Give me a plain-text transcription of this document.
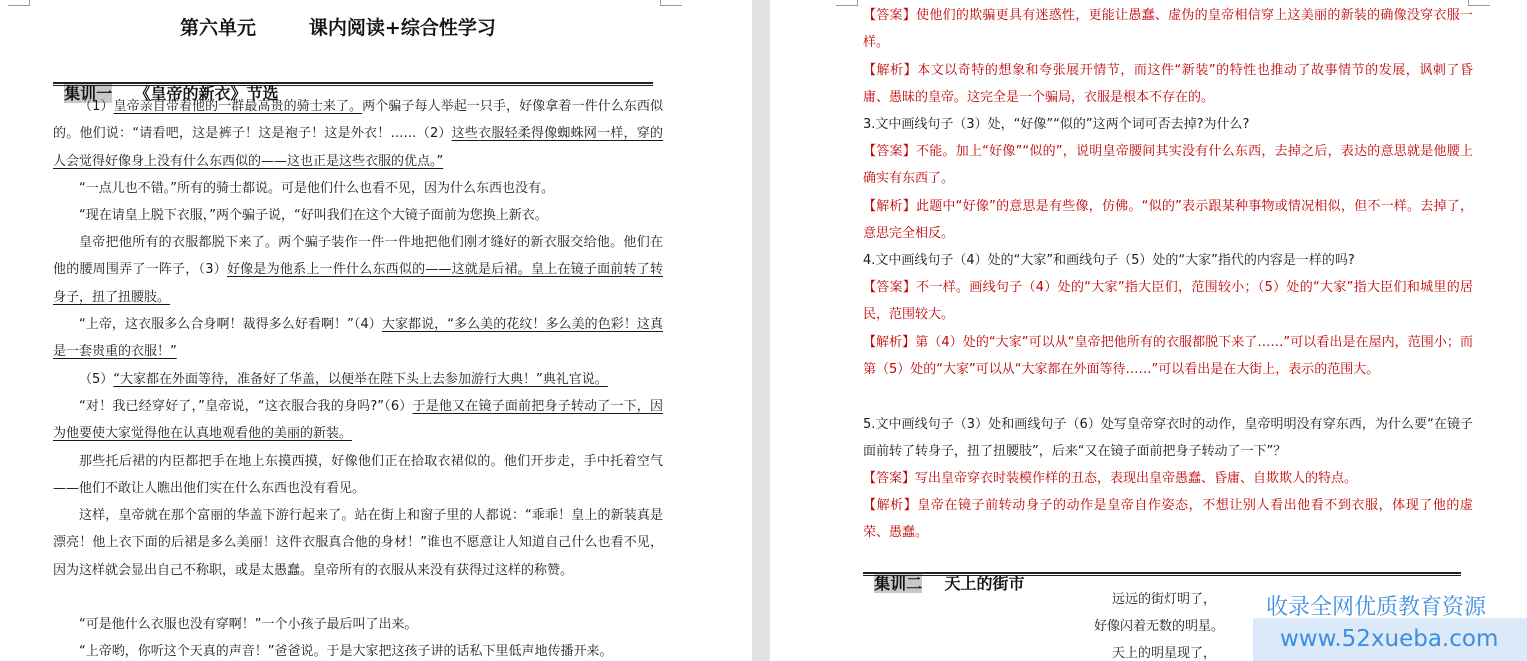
第六单元        课内阅读+综合性学习

集训一    《皇帝的新衣》节选

（1）皇帝亲自带着他的一群最高贵的骑士来了。两个骗子每人举起一只手，好像拿着一件什么东西似的。他们说：“请看吧，这是裤子！这是袍子！这是外衣！……（2）这些衣服轻柔得像蜘蛛网一样，穿的人会觉得好像身上没有什么东西似的——这也正是这些衣服的优点。”
“一点儿也不错。”所有的骑士都说。可是他们什么也看不见，因为什么东西也没有。
“现在请皇上脱下衣服，”两个骗子说，“好叫我们在这个大镜子面前为您换上新衣。
皇帝把他所有的衣服都脱下来了。两个骗子装作一件一件地把他们刚才缝好的新衣服交给他。他们在他的腰周围弄了一阵子，（3）好像是为他系上一件什么东西似的——这就是后裙。皇上在镜子面前转了转身子，扭了扭腰肢。
“上帝，这衣服多么合身啊！裁得多么好看啊！”（4）大家都说，“多么美的花纹！多么美的色彩！这真是一套贵重的衣服！”
（5）“大家都在外面等待，准备好了华盖，以便举在陛下头上去参加游行大典！”典礼官说。
“对！我已经穿好了，”皇帝说，“这衣服合我的身吗?”（6）于是他又在镜子面前把身子转动了一下，因为他要使大家觉得他在认真地观看他的美丽的新装。
那些托后裙的内臣都把手在地上东摸西摸，好像他们正在拾取衣裙似的。他们开步走，手中托着空气——他们不敢让人瞧出他们实在什么东西也没有看见。
这样，皇帝就在那个富丽的华盖下游行起来了。站在街上和窗子里的人都说：“乖乖！皇上的新装真是漂亮！他上衣下面的后裙是多么美丽！这件衣服真合他的身材！”谁也不愿意让人知道自己什么也看不见，因为这样就会显出自己不称职，或是太愚蠢。皇帝所有的衣服从来没有获得过这样的称赞。
“可是他什么衣服也没有穿啊！”一个小孩子最后叫了出来。
“上帝哟，你听这个天真的声音！”爸爸说。于是大家把这孩子讲的话私下里低声地传播开来。
【答案】使他们的欺骗更具有迷惑性，更能让愚蠢、虚伪的皇帝相信穿上这美丽的新装的确像没穿衣服一样。
【解析】本文以奇特的想象和夸张展开情节，而这件“新装”的特性也推动了故事情节的发展，讽刺了昏庸、愚昧的皇帝。这完全是一个骗局，衣服是根本不存在的。
3.文中画线句子（3）处，“好像”“似的”这两个词可否去掉?为什么?
【答案】不能。加上“好像”“似的”，说明皇帝腰间其实没有什么东西，去掉之后，表达的意思就是他腰上确实有东西了。
【解析】此题中“好像”的意思是有些像，仿佛。“似的”表示跟某种事物或情况相似，但不一样。去掉了，意思完全相反。
4.文中画线句子（4）处的“大家”和画线句子（5）处的“大家”指代的内容是一样的吗?
【答案】不一样。画线句子（4）处的“大家”指大臣们，范围较小；（5）处的“大家”指大臣们和城里的居民，范围较大。
【解析】第（4）处的“大家”可以从“皇帝把他所有的衣服都脱下来了……”可以看出是在屋内，范围小；而第（5）处的“大家”可以从“大家都在外面等待……”可以看出是在大街上，表示的范围大。
5.文中画线句子（3）处和画线句子（6）处写皇帝穿衣时的动作，皇帝明明没有穿东西，为什么要“在镜子面前转了转身子，扭了扭腰肢”，后来“又在镜子面前把身子转动了一下”？
【答案】写出皇帝穿衣时装模作样的丑态，表现出皇帝愚蠢、昏庸、自欺欺人的特点。
【解析】皇帝在镜子前转动身子的动作是皇帝自作姿态，不想让别人看出他看不到衣服，体现了他的虚荣、愚蠢。

集训二    天上的街市

远远的街灯明了，
好像闪着无数的明星。
天上的明星现了，
收录全网优质教育资源
www.52xueba.com
